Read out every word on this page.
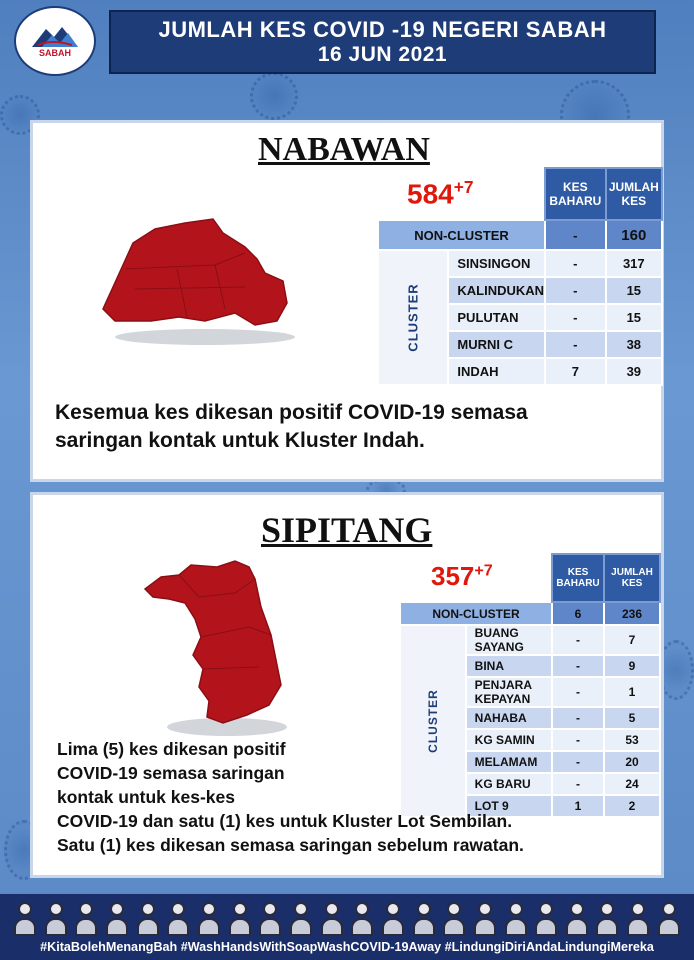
SABAH
JUMLAH KES COVID -19 NEGERI SABAH
16 JUN 2021
NABAWAN
$584^{+7}$
		KES
BAHARU	JUMLAH
KES
NON-CLUSTER		-	160

CLUSTER	SINSINGON	-	317
	KALINDUKAN	-	15
	PULUTAN	-	15
	MURNI C	-	38
	INDAH	7	39
Kesemua kes dikesan positif COVID-19 semasa
saringan kontak untuk Kluster Indah.
SIPITANG
$357^{+7}$
		KES
BAHARU	JUMLAH
KES
NON-CLUSTER		6	236

CLUSTER	BUANG SAYANG	-	7
	BINA	-	9
	PENJARA KEPAYAN	-	1
	NAHABA	-	5
	KG SAMIN	-	53
	MELAMAM	-	20
	KG BARU	-	24
	LOT 9	1	2
Lima (5) kes dikesan positif
COVID-19 semasa saringan
kontak untuk kes-kes
COVID-19 dan satu (1) kes untuk Kluster Lot Sembilan.
Satu (1) kes dikesan semasa saringan sebelum rawatan.
#KitaBolehMenangBah #WashHandsWithSoapWashCOVID-19Away #LindungiDiriAndaLindungiMereka
